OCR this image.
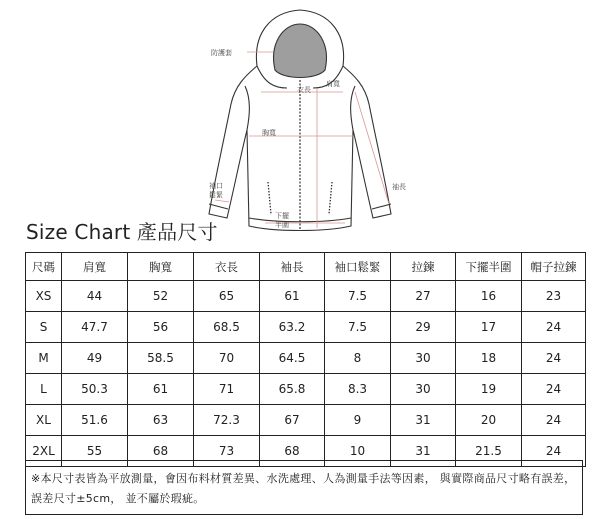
防護套
肩寬
衣長
胸寬
袖長
袖口
鬆緊
下擺
半圍
Size Chart 產品尺寸
尺碼	肩寬	胸寬	衣長	袖長	袖口鬆緊	拉鍊	下擺半圍	帽子拉鍊
XS	44	52	65	61	7.5	27	16	23
S	47.7	56	68.5	63.2	7.5	29	17	24
M	49	58.5	70	64.5	8	30	18	24
L	50.3	61	71	65.8	8.3	30	19	24
XL	51.6	63	72.3	67	9	31	20	24
2XL	55	68	73	68	10	31	21.5	24
※本尺寸表皆為平放測量，會因布料材質差異、水洗處理、人為測量手法等因素， 與實際商品尺寸略有誤差，誤差尺寸±5cm， 並不屬於瑕疵。
